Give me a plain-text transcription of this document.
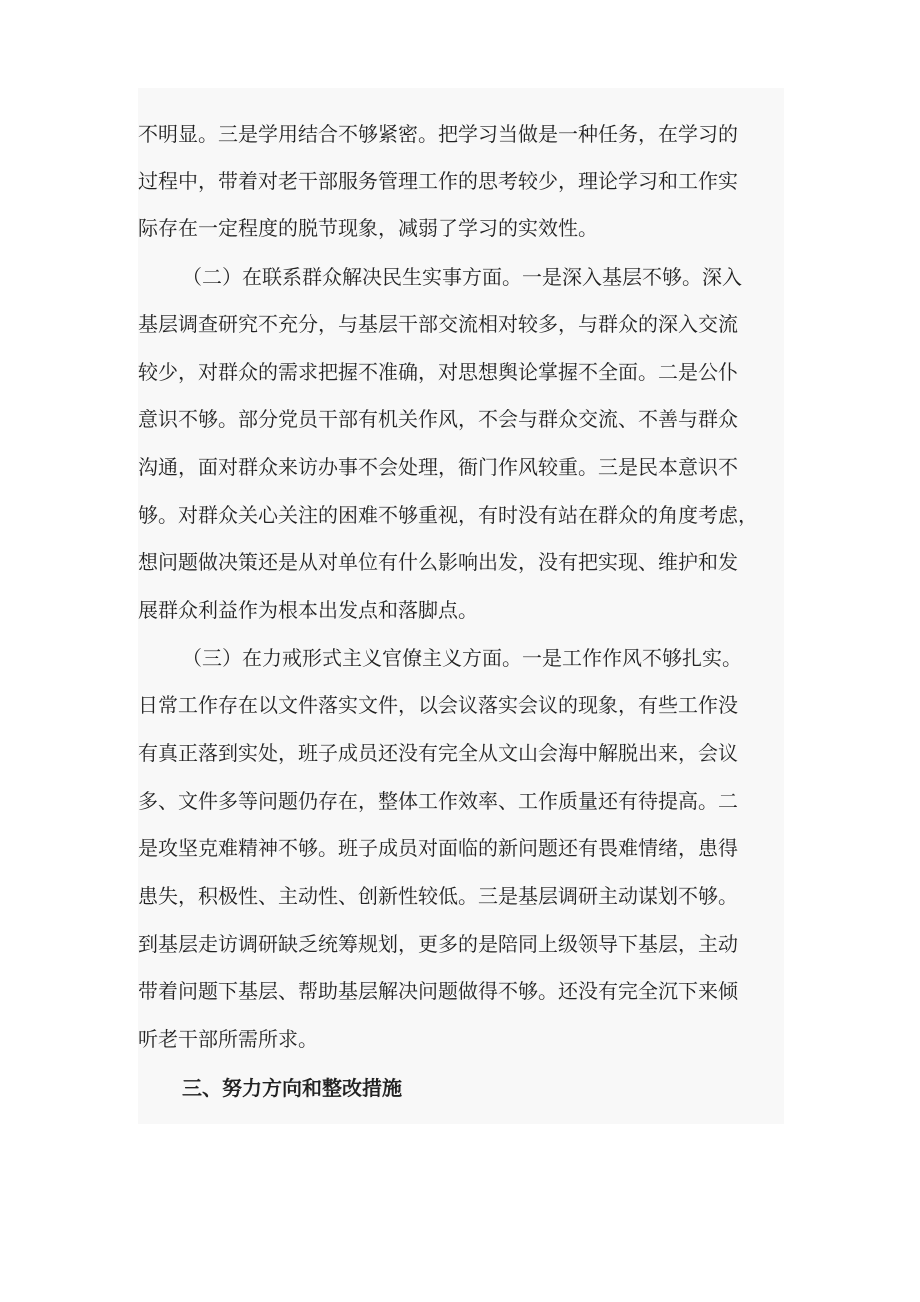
不明显。三是学用结合不够紧密。把学习当做是一种任务，在学习的
过程中，带着对老干部服务管理工作的思考较少，理论学习和工作实
际存在一定程度的脱节现象，减弱了学习的实效性。
（二）在联系群众解决民生实事方面。一是深入基层不够。深入
基层调查研究不充分，与基层干部交流相对较多，与群众的深入交流
较少，对群众的需求把握不准确，对思想舆论掌握不全面。二是公仆
意识不够。部分党员干部有机关作风，不会与群众交流、不善与群众
沟通，面对群众来访办事不会处理，衙门作风较重。三是民本意识不
够。对群众关心关注的困难不够重视，有时没有站在群众的角度考虑，
想问题做决策还是从对单位有什么影响出发，没有把实现、维护和发
展群众利益作为根本出发点和落脚点。
（三）在力戒形式主义官僚主义方面。一是工作作风不够扎实。
日常工作存在以文件落实文件，以会议落实会议的现象，有些工作没
有真正落到实处，班子成员还没有完全从文山会海中解脱出来，会议
多、文件多等问题仍存在，整体工作效率、工作质量还有待提高。二
是攻坚克难精神不够。班子成员对面临的新问题还有畏难情绪，患得
患失，积极性、主动性、创新性较低。三是基层调研主动谋划不够。
到基层走访调研缺乏统筹规划，更多的是陪同上级领导下基层，主动
带着问题下基层、帮助基层解决问题做得不够。还没有完全沉下来倾
听老干部所需所求。
三、努力方向和整改措施
